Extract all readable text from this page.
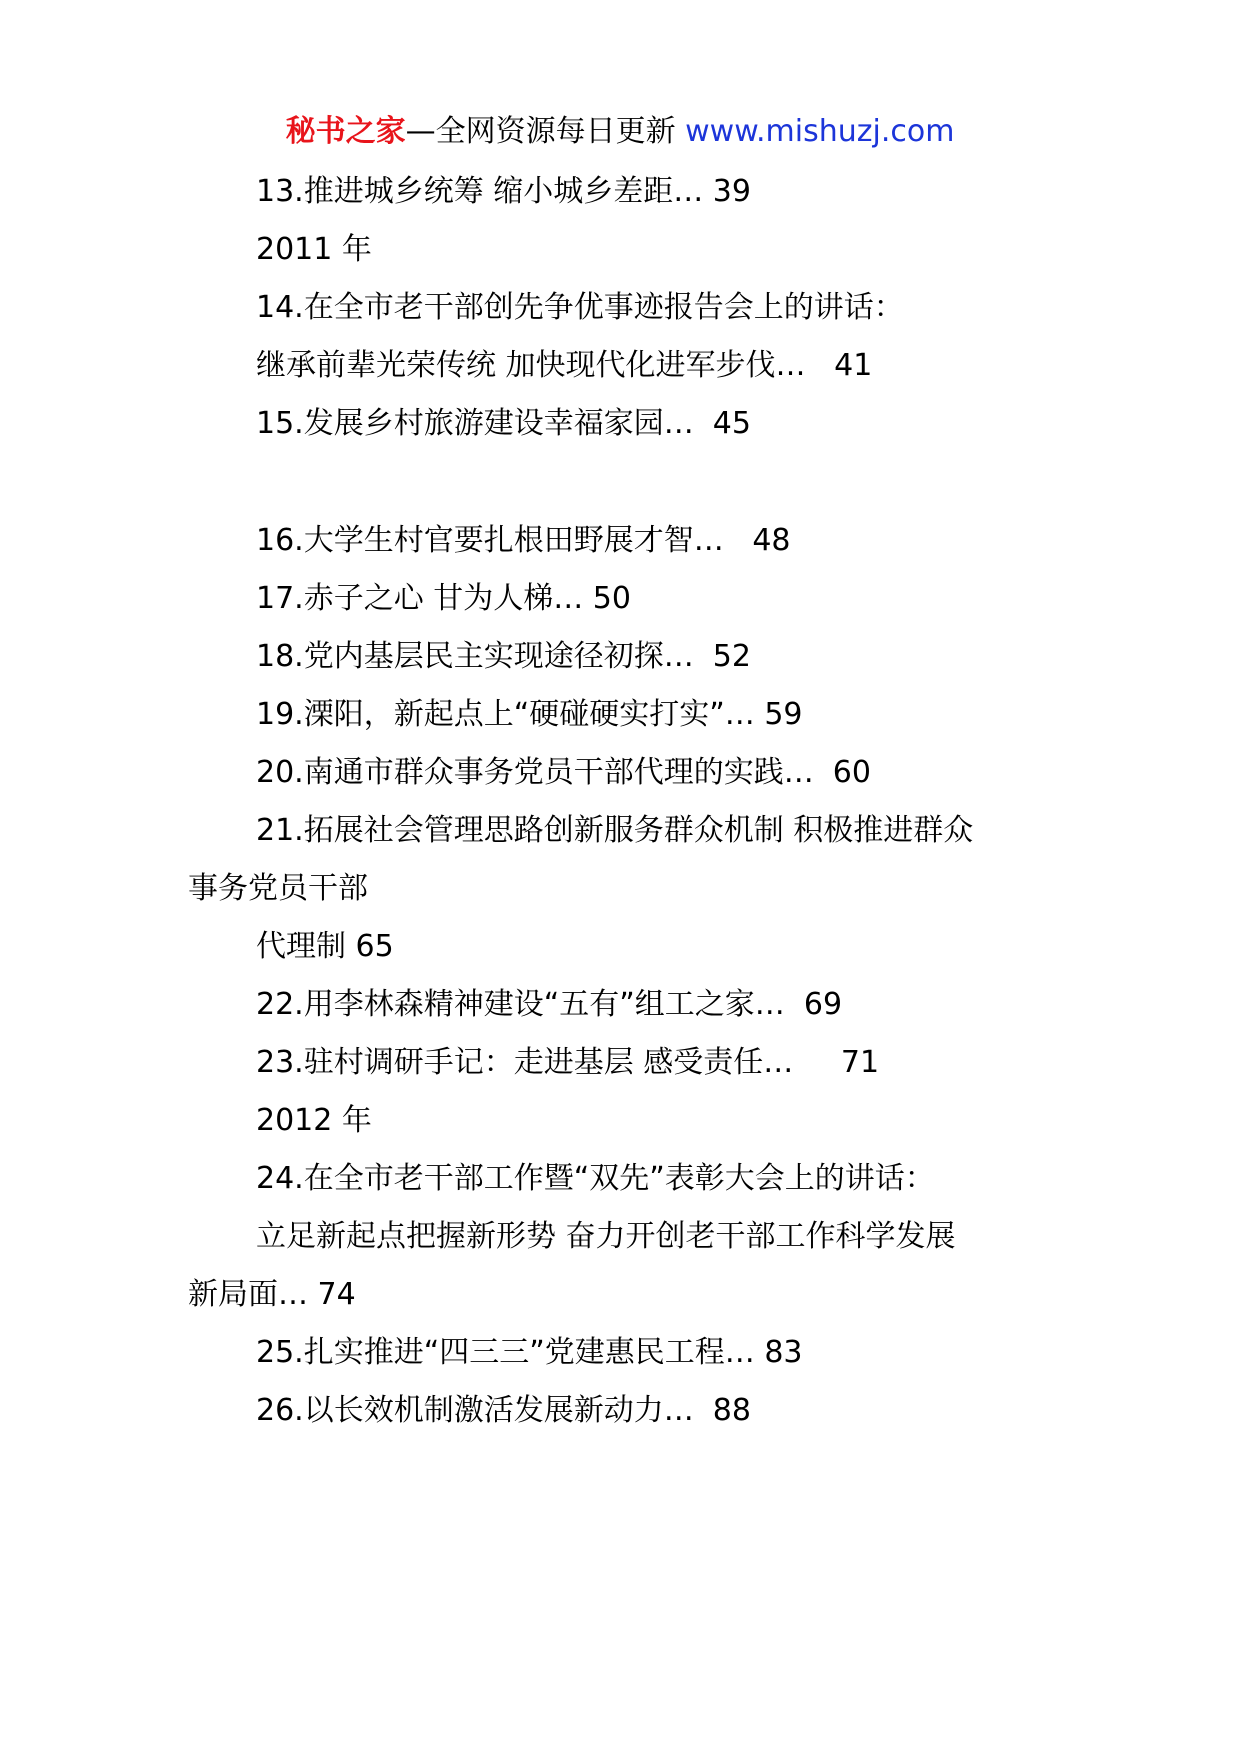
秘书之家—全网资源每日更新 www.mishuzj.com
13.推进城乡统筹 缩小城乡差距… 39
2011 年
14.在全市老干部创先争优事迹报告会上的讲话：
继承前辈光荣传统 加快现代化进军步伐…   41
15.发展乡村旅游建设幸福家园…  45
16.大学生村官要扎根田野展才智…   48
17.赤子之心 甘为人梯… 50
18.党内基层民主实现途径初探…  52
19.溧阳，新起点上“硬碰硬实打实”… 59
20.南通市群众事务党员干部代理的实践…  60
21.拓展社会管理思路创新服务群众机制 积极推进群众
事务党员干部
代理制 65
22.用李林森精神建设“五有”组工之家…  69
23.驻村调研手记：走进基层 感受责任…     71
2012 年
24.在全市老干部工作暨“双先”表彰大会上的讲话：
立足新起点把握新形势 奋力开创老干部工作科学发展
新局面… 74
25.扎实推进“四三三”党建惠民工程… 83
26.以长效机制激活发展新动力…  88
